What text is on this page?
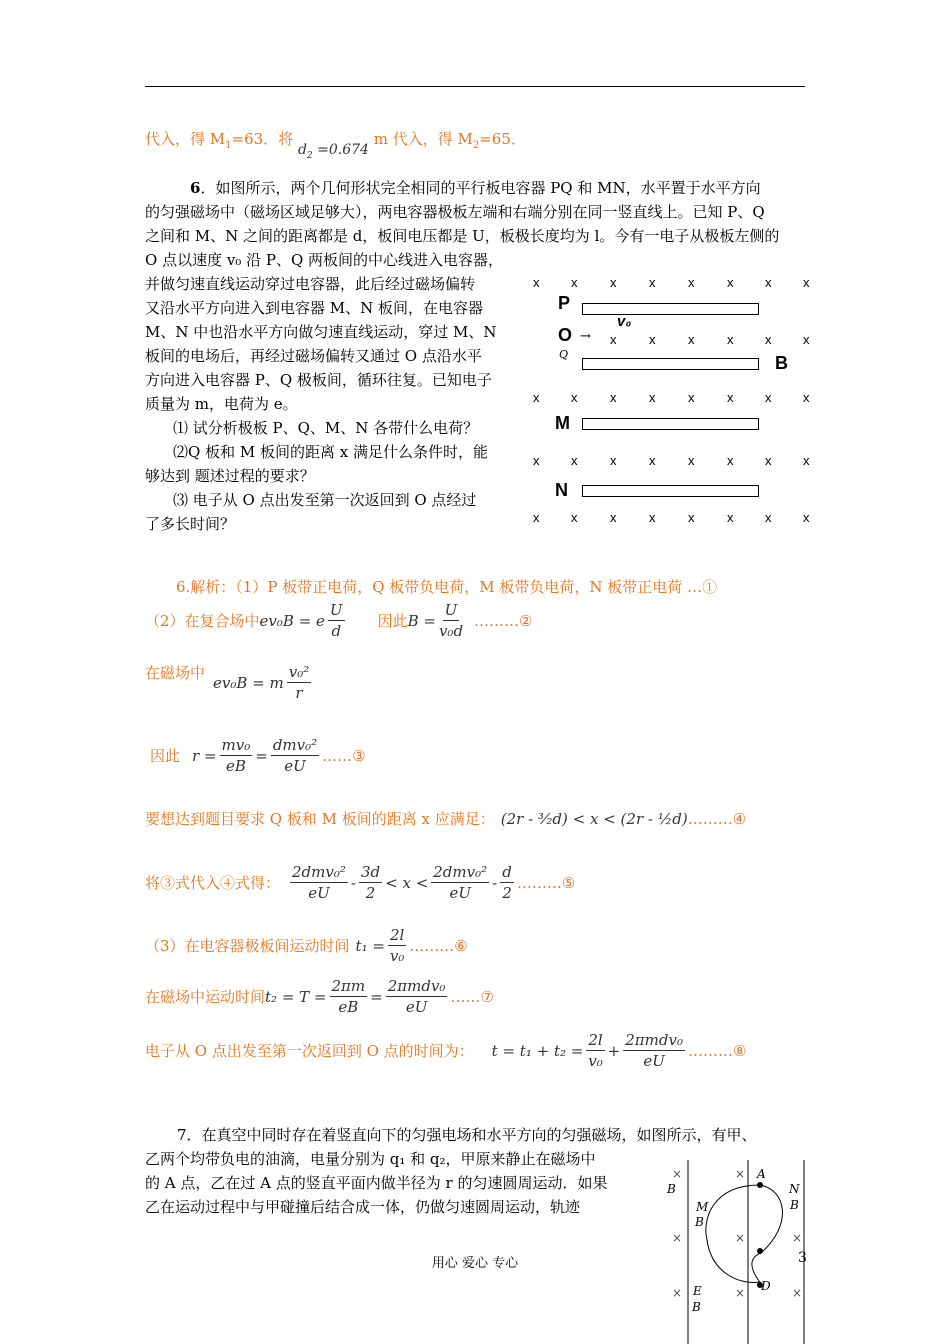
代入，得 $M_1=63$．将 $d_2 =0.674$ m 代入，得 $M_2=65$．
6．如图所示，两个几何形状完全相同的平行板电容器 PQ 和 MN，水平置于水平方向
的匀强磁场中（磁场区域足够大），两电容器极板左端和右端分别在同一竖直线上。已知 P、Q
之间和 M、N 之间的距离都是 d，板间电压都是 U，板极长度均为 l。今有一电子从极板左侧的
O 点以速度 v₀ 沿 P、Q 两板间的中心线进入电容器，
并做匀速直线运动穿过电容器，此后经过磁场偏转
又沿水平方向进入到电容器 M、N 板间，在电容器
M、N 中也沿水平方向做匀速直线运动，穿过 M、N
板间的电场后，再经过磁场偏转又通过 O 点沿水平
方向进入电容器 P、Q 极板间，循环往复。已知电子
质量为 m，电荷为 e。
⑴ 试分析极板 P、Q、M、N 各带什么电荷？
⑵Q 板和 M 板间的距离 x 满足什么条件时，能
够达到 题述过程的要求？
⑶ 电子从 O 点出发至第一次返回到 O 点经过
了多长时间？
x x	x	x	x	x x x
x	x	x	x x x
x x	x	x	x	x x x
x x	x	x	x	x x x
x x	x	x	x	x x x
P
O →
v₀
Q	B
M
N
6.解析：（1）P 板带正电荷，Q 板带负电荷，M 板带负电荷，N 板带正电荷 …①
（2）在复合场中 ev₀B = e $\frac{U}{d}$ 因此 $B = \frac{U}{\text{v₀d}}$ ………②
在磁场中
ev₀B = m $\frac{\text{v₀²}}{r}$
因此 $r = \frac{\text{mv₀}}{eB} = \frac{\text{dmv₀²}}{eU}$ ……③
要想达到题目要求 Q 板和 M 板间的距离 x 应满足： (2r - ³⁄₂d) < x < (2r - ½d) ………④
将③式代入④式得： $\frac{\text{2dmv₀²}}{eU} - \frac{3d}{2} < x < \frac{\text{2dmv₀²}}{eU} - \frac{d}{2}$ ………⑤
（3）在电容器极板间运动时间 $t_1 = \frac{2l}{\text{v₀}}$ ………⑥
在磁场中运动时间 $t_2 = T = \frac{2\pi m}{eB} = \frac{\text{2πmdv₀}}{eU}$ ……⑦
电子从 O 点出发至第一次返回到 O 点的时间为： $t = t_1 + t_2 = \frac{2l}{\text{v₀}} + \frac{\text{2πmdv₀}}{eU}$ ………⑧
7．在真空中同时存在着竖直向下的匀强电场和水平方向的匀强磁场，如图所示，有甲、
乙两个均带负电的油滴，电量分别为 q₁ 和 q₂，甲原来静止在磁场中
的 A 点，乙在过 A 点的竖直平面内做半径为 r 的匀速圆周运动．如果
乙在运动过程中与甲碰撞后结合成一体，仍做匀速圆周运动，轨迹
B
A
N
B
M
B
D
E
B
×	×
×	×	×
×	×	×
用心 爱心 专心	3
